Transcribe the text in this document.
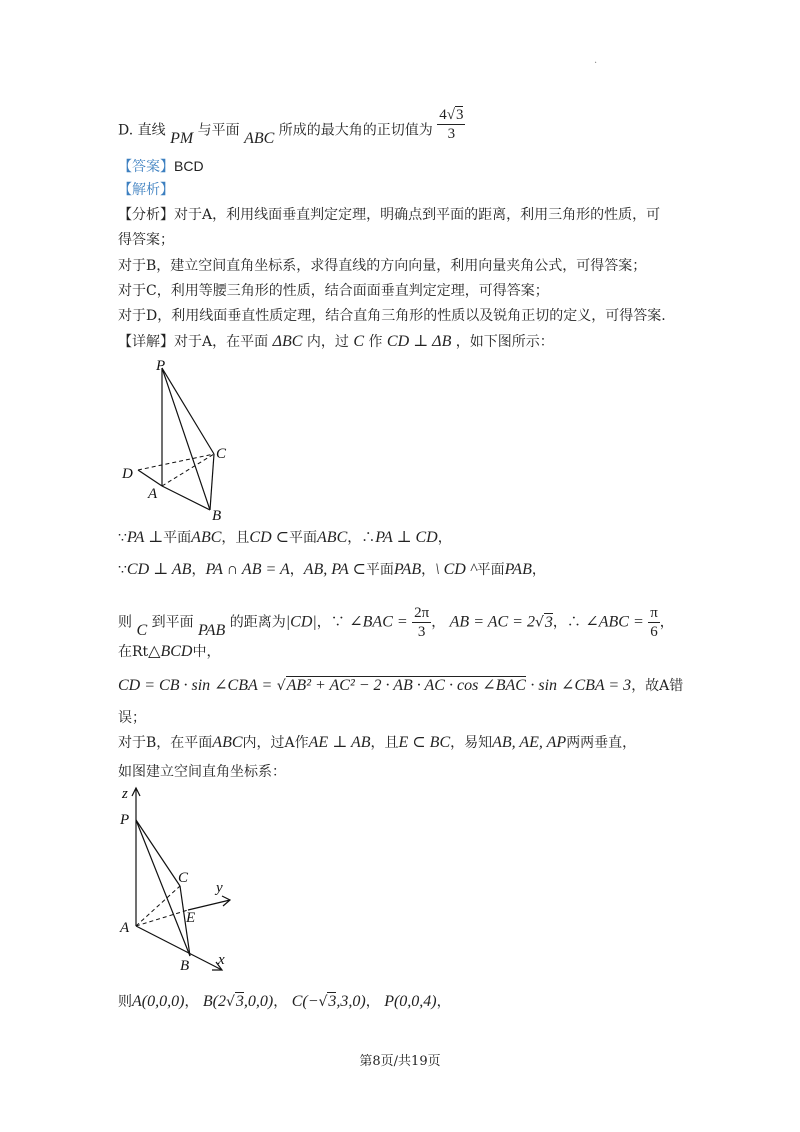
.
D. 直线 PM 与平面 ABC 所成的最大角的正切值为 $\frac{4√3}{3}$
【答案】BCD
【解析】
【分析】对于A，利用线面垂直判定定理，明确点到平面的距离，利用三角形的性质，可
得答案；
对于B，建立空间直角坐标系，求得直线的方向向量，利用向量夹角公式，可得答案；
对于C，利用等腰三角形的性质，结合面面垂直判定定理，可得答案；
对于D，利用线面垂直性质定理，结合直角三角形的性质以及锐角正切的定义，可得答案.
【详解】对于A，在平面 ΔBC 内，过 C 作 CD ⊥ ΔB ，如下图所示：
P
C
D
A
B
∵PA ⊥平面ABC，且CD ⊂平面ABC，∴PA ⊥ CD，
∵CD ⊥ AB，PA ∩ AB = A，AB, PA ⊂平面PAB，\ CD ^平面PAB，
则 C 到平面 PAB 的距离为|CD|，∵ ∠BAC = $\frac{2\pi}{3}$ ， AB = AC = 2√3，∴ ∠ABC = $\frac{\pi}{6}$ ，
在Rt△BCD中，
CD = CB · sin ∠CBA = √AB² + AC² − 2 · AB · AC · cos ∠BAC · sin ∠CBA = 3，故A错
误；
对于B，在平面ABC内，过A作AE ⊥ AB，且E ⊂ BC，易知AB, AE, AP两两垂直，
如图建立空间直角坐标系：
z
P
C
y
E
A
B x
则A(0,0,0)， B(2√3,0,0)， C(−√3,3,0)， P(0,0,4)，
第8页/共19页
